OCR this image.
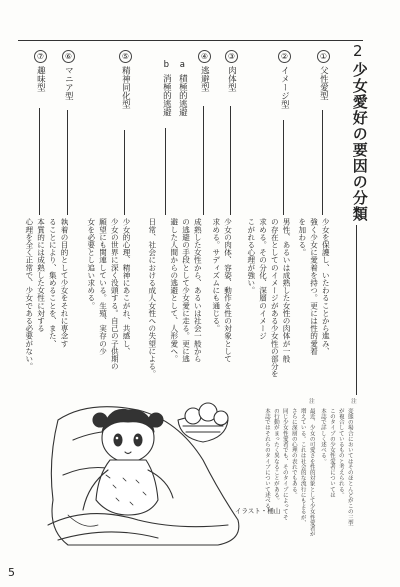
2
少女愛好の要因の分類
①
父性愛型
少女を保護し、いたわることから進み、
強く少女に愛着を持つ。更には性的愛着
を加わる。
②
イメージ型
男性、あるいは成熟した女性の肉体が一般
の存在としてのイメージがある少女性の部分を
求める。その分化、深層のイメージ
こがれる心理が強い。
③
肉体型
少女の肉体、容姿、動作を性の対象として
求める。サディズムにも通じる。
④
逃避型
成熟した女性から、あるいは社会一般から
の逃避の手段として少女愛に走る。更に逃
避した人間からの逃避として、人形愛へ。
a
積極的逃避
b
消極的逃避
日常、社会における成人女性への失望による。
⑤
精神同化型
少女的心理、精神にあこがれ、共感し、
少女の世界に深く没頭する。自己の子供期の
願望にも関連している。生殖、実存の少
女を必要とし追い求める。
⑥
マニア型
執着の目的として少女をそれに専念す
ることにより、集めることを、また、
本質的には成熟した女性に対する
心理を全く正常で、少女である必要がない。
⑦
趣味型
注
変態の場合においてはそのほとんどがこの三型
が複合しているものと考えられる。
このタイプの少女性愛者については
本誌で詳しく述べる。
注
最近、少女の可愛さを性的対象として少女性愛者が
増えている。これは社会的な流行にもよるが、
さらに深層の心理の表れでもある。
同じ少女性愛者でも、そのタイプによってそ
の行動がまったく異なることがある。
本誌ではそれらのタイプについて述べる。
イラスト・桶山
5
